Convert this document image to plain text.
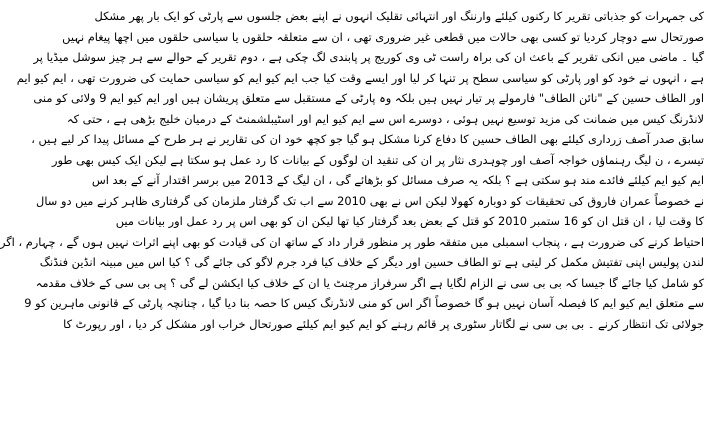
کی جمہرات کو جذباتی تقریر کا رکنوں کیلئے وارننگ اور انتہائی تقلیک انہوں نے اپنے بعض جلسوں سے پارٹی کو ایک بار پھر مشکل
صورتحال سے دوچار کردیا تو کسی بھی حالات میں قطعی غیر ضروری تھی ، ان سے متعلقہ حلقوں یا سیاسی حلقوں میں اچھا پیغام نہیں
گیا ۔ ماضی میں انکی تقریر کے باعث ان کی براہ راست ٹی وی کوریج پر پابندی لگ چکی ہے ، دوم تقریر کے حوالے سے ہر چیز سوشل میڈیا پر
ہے ، انہوں نے خود کو اور پارٹی کو سیاسی سطح پر تنہا کر لیا اور ایسے وقت کیا جب ایم کیو ایم کو سیاسی حمایت کی ضرورت تھی ، ایم کیو ایم
اور الطاف حسین کے "نائن الطاف" فارمولے پر تیار نہیں ہیں بلکہ وہ پارٹی کے مستقبل سے متعلق پریشان ہیں اور ایم کیو ایم 9 ولائی کو منی
لانڈرنگ کیس میں ضمانت کی مزید توسیع نہیں ہوئی ، دوسرے اس سے ایم کیو ایم اور اسٹیبلشمنٹ کے درمیان خلیج بڑھی ہے ، حتی کہ
سابق صدر آصف زرداری کیلئے بھی الطاف حسین کا دفاع کرنا مشکل ہو گیا جو کچھ خود ان کی تقاریر نے ہر طرح کے مسائل پیدا کر لیے ہیں ،
تیسرے ، ن لیگ رہنماؤں خواجہ آصف اور چوہدری نثار پر ان کی تنقید ان لوگوں کے بیانات کا رد عمل ہو سکتا ہے لیکن ایک کیس بھی طور
ایم کیو ایم کیلئے فائدے مند ہو سکتی ہے ؟ بلکہ یہ صرف مسائل کو بڑھائے گی ، ان لیگ کے 2013 میں برسر اقتدار آنے کے بعد اس
نے خصوصاً عمران فاروق کی تحقیقات کو دوبارہ کھولا لیکن اس نے بھی 2010 سے اب تک گرفتار ملزمان کی گرفتاری ظاہر کرنے میں دو سال
کا وقت لیا ، ان قتل ان کو 16 ستمبر 2010 کو قتل کے بعض بعد گرفتار کیا تھا لیکن ان کو بھی اس پر رد عمل اور بیانات میں
احتیاط کرنے کی ضرورت ہے ، پنجاب اسمبلی میں متفقہ طور پر منظور قرار داد کے ساتھ ان کی قیادت کو بھی اپنے اثرات نہیں ہوں گے ، چہارم ، اگر
لندن پولیس اپنی تفتیش مکمل کر لیتی ہے تو الطاف حسین اور دیگر کے خلاف کیا فرد جرم لاگو کی جائے گی ؟ کیا اس میں مبینہ انڈین فنڈنگ
کو شامل کیا جائے گا جیسا کہ بی بی سی نے الزام لگایا ہے اگر سرفراز مرچنٹ یا ان کے خلاف کیا ایکشن لے گی ؟ پی بی سی کے خلاف مقدمہ
سے متعلق ایم کیو ایم کا فیصلہ آسان نہیں ہو گا خصوصاً اگر اس کو منی لانڈرنگ کیس کا حصہ بنا دیا گیا ، چنانچہ پارٹی کے قانونی ماہرین کو 9
جولائی تک انتظار کرنے ۔ بی بی سی نے لگاتار سٹوری پر قائم رہنے کو ایم کیو ایم کیلئے صورتحال خراب اور مشکل کر دیا ، اور رپورٹ کا
